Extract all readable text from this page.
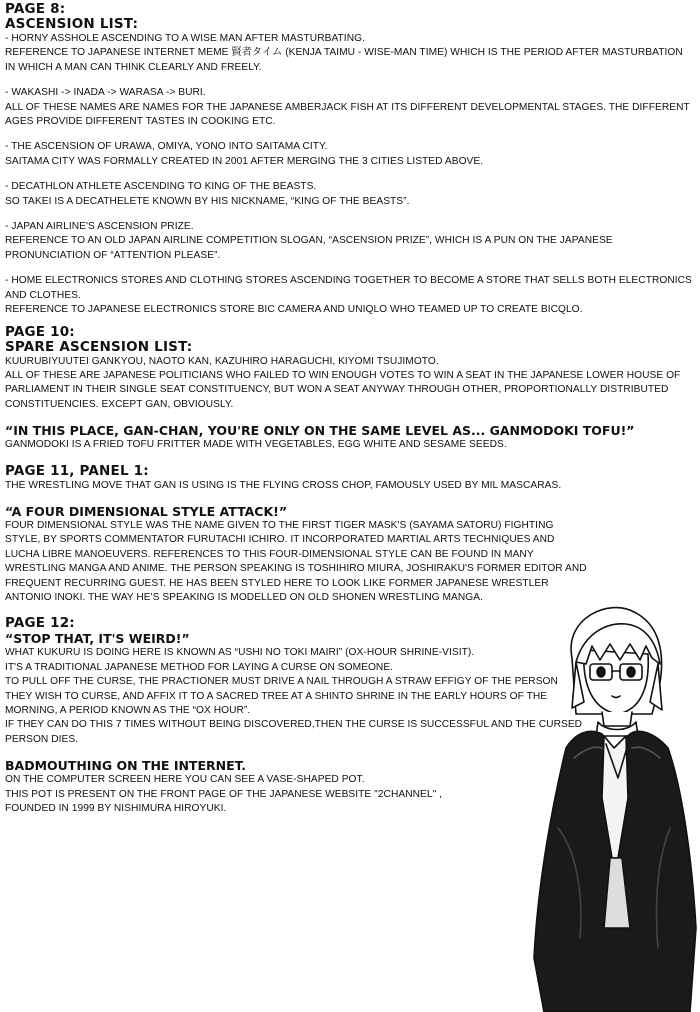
PAGE 8:
ASCENSION LIST:
- HORNY ASSHOLE ASCENDING TO A WISE MAN AFTER MASTURBATING.
REFERENCE TO JAPANESE INTERNET MEME 賢者タイム (KENJA TAIMU - WISE-MAN TIME) WHICH IS THE PERIOD AFTER MASTURBATION IN WHICH A MAN CAN THINK CLEARLY AND FREELY.
- WAKASHI -> INADA -> WARASA -> BURI.
ALL OF THESE NAMES ARE NAMES FOR THE JAPANESE AMBERJACK FISH AT ITS DIFFERENT DEVELOPMENTAL STAGES. THE DIFFERENT AGES PROVIDE DIFFERENT TASTES IN COOKING ETC.
- THE ASCENSION OF URAWA, OMIYA, YONO INTO SAITAMA CITY.
SAITAMA CITY WAS FORMALLY CREATED IN 2001 AFTER MERGING THE 3 CITIES LISTED ABOVE.
- DECATHLON ATHLETE ASCENDING TO KING OF THE BEASTS.
SO TAKEI IS A DECATHELETE KNOWN BY HIS NICKNAME, “KING OF THE BEASTS”.
- JAPAN AIRLINE'S ASCENSION PRIZE.
REFERENCE TO AN OLD JAPAN AIRLINE COMPETITION SLOGAN, “ASCENSION PRIZE”, WHICH IS A PUN ON THE JAPANESE PRONUNCIATION OF “ATTENTION PLEASE”.
- HOME ELECTRONICS STORES AND CLOTHING STORES ASCENDING TOGETHER TO BECOME A STORE THAT SELLS BOTH ELECTRONICS AND CLOTHES.
REFERENCE TO JAPANESE ELECTRONICS STORE BIC CAMERA AND UNIQLO WHO TEAMED UP TO CREATE BICQLO.
PAGE 10:
SPARE ASCENSION LIST:
KUURUBIYUUTEI GANKYOU, NAOTO KAN, KAZUHIRO HARAGUCHI, KIYOMI TSUJIMOTO.
ALL OF THESE ARE JAPANESE POLITICIANS WHO FAILED TO WIN ENOUGH VOTES TO WIN A SEAT IN THE JAPANESE LOWER HOUSE OF PARLIAMENT IN THEIR SINGLE SEAT CONSTITUENCY, BUT WON A SEAT ANYWAY THROUGH OTHER, PROPORTIONALLY DISTRIBUTED CONSTITUENCIES. EXCEPT GAN, OBVIOUSLY.
“IN THIS PLACE, GAN-CHAN, YOU'RE ONLY ON THE SAME LEVEL AS... GANMODOKI TOFU!”
GANMODOKI IS A FRIED TOFU FRITTER MADE WITH VEGETABLES, EGG WHITE AND SESAME SEEDS.
PAGE 11, PANEL 1:
THE WRESTLING MOVE THAT GAN IS USING IS THE FLYING CROSS CHOP, FAMOUSLY USED BY MIL MASCARAS.
“A FOUR DIMENSIONAL STYLE ATTACK!”
FOUR DIMENSIONAL STYLE WAS THE NAME GIVEN TO THE FIRST TIGER MASK'S (SAYAMA SATORU) FIGHTING STYLE, BY SPORTS COMMENTATOR FURUTACHI ICHIRO. IT INCORPORATED MARTIAL ARTS TECHNIQUES AND LUCHA LIBRE MANOEUVERS. REFERENCES TO THIS FOUR-DIMENSIONAL STYLE CAN BE FOUND IN MANY WRESTLING MANGA AND ANIME. THE PERSON SPEAKING IS TOSHIHIRO MIURA, JOSHIRAKU'S FORMER EDITOR AND FREQUENT RECURRING GUEST. HE HAS BEEN STYLED HERE TO LOOK LIKE FORMER JAPANESE WRESTLER ANTONIO INOKI. THE WAY HE'S SPEAKING IS MODELLED ON OLD SHONEN WRESTLING MANGA.
PAGE 12:
“STOP THAT, IT'S WEIRD!”
WHAT KUKURU IS DOING HERE IS KNOWN AS “USHI NO TOKI MAIRI” (OX-HOUR SHRINE-VISIT).
IT'S A TRADITIONAL JAPANESE METHOD FOR LAYING A CURSE ON SOMEONE.
TO PULL OFF THE CURSE, THE PRACTIONER MUST DRIVE A NAIL THROUGH A STRAW EFFIGY OF THE PERSON THEY WISH TO CURSE, AND AFFIX IT TO A SACRED TREE AT A SHINTO SHRINE IN THE EARLY HOURS OF THE MORNING, A PERIOD KNOWN AS THE “OX HOUR”.
IF THEY CAN DO THIS 7 TIMES WITHOUT BEING DISCOVERED,THEN THE CURSE IS SUCCESSFUL AND THE CURSED PERSON DIES.
BADMOUTHING ON THE INTERNET.
ON THE COMPUTER SCREEN HERE YOU CAN SEE A VASE-SHAPED POT.
THIS POT IS PRESENT ON THE FRONT PAGE OF THE JAPANESE WEBSITE "2CHANNEL" ,
FOUNDED IN 1999 BY NISHIMURA HIROYUKI.
